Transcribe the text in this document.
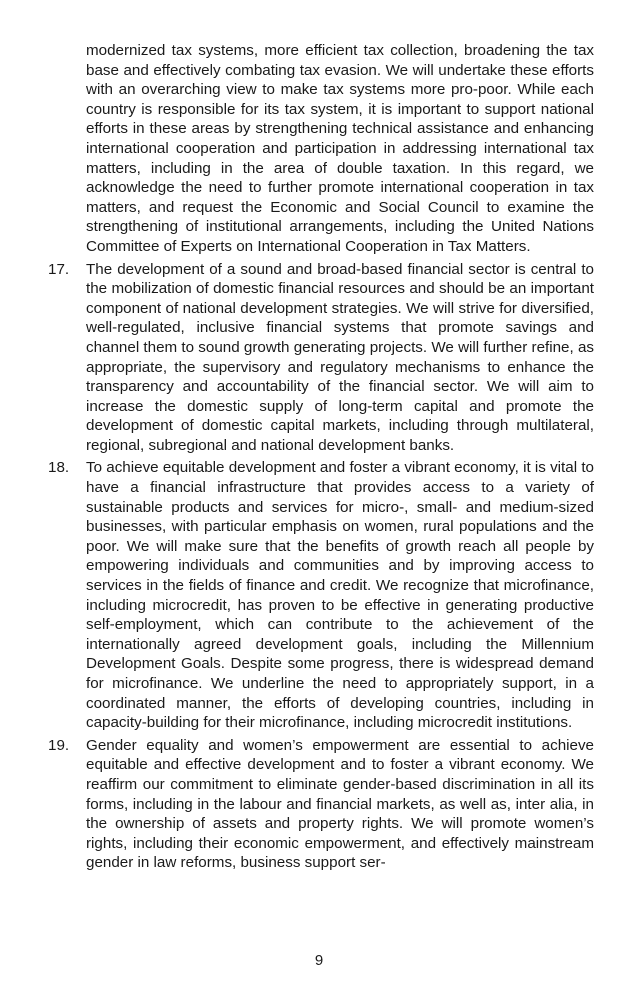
modernized tax systems, more efficient tax collection, broadening the tax base and effectively combating tax evasion. We will undertake these efforts with an overarching view to make tax systems more pro-poor. While each country is responsible for its tax system, it is important to support national efforts in these areas by strengthening technical assistance and enhancing international cooperation and participation in addressing international tax matters, including in the area of double taxation. In this regard, we acknowledge the need to further promote international cooperation in tax matters, and request the Economic and Social Council to examine the strengthening of institutional arrangements, including the United Nations Committee of Experts on International Cooperation in Tax Matters.

17.	The development of a sound and broad-based financial sector is central to the mobilization of domestic financial resources and should be an important component of national development strategies. We will strive for diversified, well-regulated, inclusive financial systems that promote savings and channel them to sound growth generating projects. We will further refine, as appropriate, the supervisory and regulatory mechanisms to enhance the transparency and accountability of the financial sector. We will aim to increase the domestic supply of long-term capital and promote the development of domestic capital markets, including through multilateral, regional, subregional and national development banks.
18.	To achieve equitable development and foster a vibrant economy, it is vital to have a financial infrastructure that provides access to a variety of sustainable products and services for micro-, small- and medium-sized businesses, with particular emphasis on women, rural populations and the poor. We will make sure that the benefits of growth reach all people by empowering individuals and communities and by improving access to services in the fields of finance and credit. We recognize that microfinance, including microcredit, has proven to be effective in generating productive self-employment, which can contribute to the achievement of the internationally agreed development goals, including the Millennium Development Goals. Despite some progress, there is widespread demand for microfinance. We underline the need to appropriately support, in a coordinated manner, the efforts of developing countries, including in capacity-building for their microfinance, including microcredit institutions.
19.	Gender equality and women’s empowerment are essential to achieve equitable and effective development and to foster a vibrant economy. We reaffirm our commitment to eliminate gender-based discrimination in all its forms, including in the labour and financial markets, as well as, inter alia, in the ownership of assets and property rights. We will promote women’s rights, including their economic empowerment, and effectively mainstream gender in law reforms, business support ser-
9
